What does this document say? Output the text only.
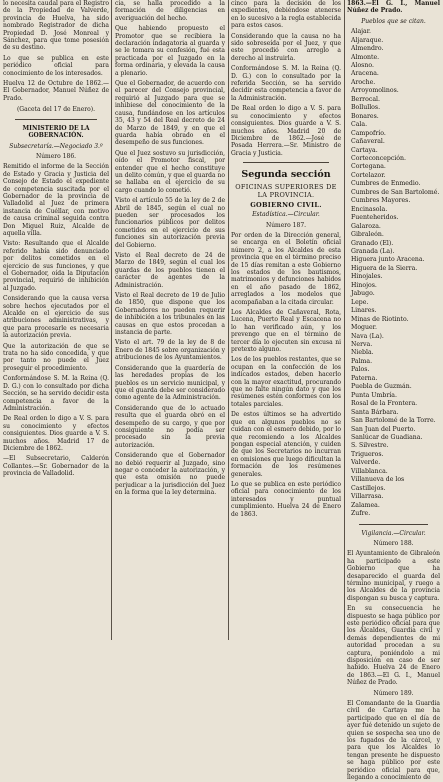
lo necesita caudal para el Registro de la Propiedad de Valverde, provincia de Huelva, ha sido nombrado Registrador de dicha Propiedad D. José Monreal y Sánchez, para que tome posesión de su destino.

Lo que se publica en este periódico oficial para conocimiento de los interesados.

Huelva 12 de Octubre de 1862.—El Gobernador, Manuel Núñez de Prado.

(Gaceta del 17 de Enero).

MINISTERIO DE LA GOBERNACIÓN.

Subsecretaría.—Negociado 3.º

Número 186.

Remitido el informe de la Sección de Estado y Gracia y Justicia del Consejo de Estado el expediente de competencia suscitada por el Gobernador de la provincia de Valladolid al Juez de primera instancia de Cuéllar, con motivo de causa criminal seguida contra Don Miguel Ruiz, Alcalde de aquella villa.

Visto: Resultando que el Alcalde referido había sido denunciado por delitos cometidos en el ejercicio de sus funciones, y que el Gobernador, oída la Diputación provincial, requirió de inhibición al Juzgado.

Considerando que la causa versa sobre hechos ejecutados por el Alcalde en el ejercicio de sus atribuciones administrativas, y que para procesarle es necesaria la autorización previa.

Que la autorización de que se trata no ha sido concedida, y que por tanto no puede el Juez proseguir el procedimiento.

Conformándose S. M. la Reina (Q. D. G.) con lo consultado por dicha Sección, se ha servido decidir esta competencia a favor de la Administración.

De Real orden lo digo a V. S. para su conocimiento y efectos consiguientes. Dios guarde a V. S. muchos años. Madrid 17 de Diciembre de 1862.

—El Subsecretario, Calderón Collantes.—Sr. Gobernador de la provincia de Valladolid.

cia, se halla procedido a la formación de diligencias en averiguación del hecho.

Que habiendo propuesto el Promotor que se recibiera la declaración indagatoria al guarda y se le tomara su confesión, fué esta practicada por el Juzgado en la forma ordinaria, y elevada la causa a plenario.

Que el Gobernador, de acuerdo con el parecer del Consejo provincial, requirió al Juzgado para que se inhibiese del conocimiento de la causa, fundándose en los artículos 35, 43 y 54 del Real decreto de 24 de Marzo de 1849, y en que el guarda había obrado en el desempeño de sus funciones.

Que el Juez sostuvo su jurisdicción, oído el Promotor fiscal, por entender que el hecho constituye un delito común, y que el guarda no se hallaba en el ejercicio de su cargo cuando lo cometió.

Visto el artículo 55 de la ley de 2 de Abril de 1845, según el cual no pueden ser procesados los funcionarios públicos por delitos cometidos en el ejercicio de sus funciones sin autorización previa del Gobierno.

Visto el Real decreto de 24 de Marzo de 1849, según el cual los guardas de los pueblos tienen el carácter de agentes de la Administración.

Visto el Real decreto de 19 de Julio de 1850, que dispone que los Gobernadores no pueden requerir de inhibición a los tribunales en las causas en que estos procedan a instancia de parte.

Visto el art. 79 de la ley de 8 de Enero de 1845 sobre organización y atribuciones de los Ayuntamientos.

Considerando que la guardería de las heredades propias de los pueblos es un servicio municipal, y que el guarda debe ser considerado como agente de la Administración.

Considerando que de lo actuado resulta que el guarda obró en el desempeño de su cargo, y que por consiguiente no podía ser procesado sin la previa autorización.

Considerando que el Gobernador no debió requerir al Juzgado, sino negar o conceder la autorización, y que esta omisión no puede perjudicar a la jurisdicción del Juez en la forma que la ley determina.

cinco para la decisión de los expedientes, debiéndose atenerse en lo sucesivo a la regla establecida para estos casos.

Considerando que la causa no ha sido sobreseída por el Juez, y que este procedió con arreglo a derecho al instruirla.

Conformándose S. M. la Reina (Q. D. G.) con lo consultado por la referida Sección, se ha servido decidir esta competencia a favor de la Administración.

De Real orden lo digo a V. S. para su conocimiento y efectos consiguientes. Dios guarde a V. S. muchos años. Madrid 20 de Diciembre de 1862.—José de Posada Herrera.—Sr. Ministro de Gracia y Justicia.

Segunda sección
OFICINAS SUPERIORES DE LA PROVINCIA.
GOBIERNO CIVIL.

Estadística.—Circular.

Número 187.

Por orden de la Dirección general, se encarga en el Boletín oficial número 2, a los Alcaldes de esta provincia que en el término preciso de 15 días remitan a este Gobierno los estados de los bautismos, matrimonios y defunciones habidos en el año pasado de 1862, arreglados a los modelos que acompañaban a la citada circular.

Los Alcaldes de Cañaveral, Rota, Lucena, Puerto Real y Escacena no lo han verificado aún, y los prevengo que en el término de tercer día lo ejecuten sin excusa ni pretexto alguno.

Los de los pueblos restantes, que se ocupan en la confección de los indicados estados, deben hacerlo con la mayor exactitud, procurando que no falte ningún dato y que los resúmenes estén conformes con los totales parciales.

De estos últimos se ha advertido que en algunos pueblos no se cuidan con el esmero debido, por lo que recomiendo a los Alcaldes pongan especial atención, y cuiden de que los Secretarios no incurran en omisiones que luego dificultan la formación de los resúmenes generales.

Lo que se publica en este periódico oficial para conocimiento de los interesados y puntual cumplimiento. Huelva 24 de Enero de 1863.

1863.—El G. I., Manuel Núñez de Prado.

Pueblos que se citan.

Alajar.
Aljaraque.
Almendro.
Almonte.
Alosno.
Aracena.
Aroche.
Arroyomolinos.
Berrocal.
Bollullos.
Bonares.
Cala.
Campofrío.
Cañaveral.
Cartaya.
Corteconcepción.
Cortegana.
Cortelazor.
Cumbres de Enmedio.
Cumbres de San Bartolomé.
Cumbres Mayores.
Encinasola.
Fuenteheridos.
Galaroza.
Gibraleón.
Granado (El).
Granada (La).
Higuera junto Aracena.
Higuera de la Sierra.
Hinojales.
Hinojos.
Jabugo.
Lepe.
Linares.
Minas de Riotinto.
Moguer.
Nava (La).
Nerva.
Niebla.
Palma.
Palos.
Paterna.
Puebla de Guzmán.
Punta Umbría.
Rosal de la Frontera.
Santa Bárbara.
San Bartolomé de la Torre.
San Juan del Puerto.
Sanlúcar de Guadiana.
S. Silvestre.
Trigueros.
Valverde.
Villablanca.
Villanueva de los Castillejos.
Villarrasa.
Zalamea.
Zufre.

Vigilancia.—Circular.

Número 188.

El Ayuntamiento de Gibraleón ha participado a este Gobierno que ha desaparecido el guarda del término municipal, y ruego a los Alcaldes de la provincia dispongan su busca y captura.

En su consecuencia he dispuesto se haga público por este periódico oficial para que los Alcaldes, Guardia civil y demás dependientes de mi autoridad procedan a su captura, poniéndolo a mi disposición en caso de ser habido. Huelva 24 de Enero de 1863.—El G. I., Manuel Núñez de Prado.

Número 189.

El Comandante de la Guardia civil de Cartaya me ha participado que en el día de ayer fué detenido un sujeto de quien se sospecha sea uno de los fugados de la cárcel, y para que los Alcaldes lo tengan presente he dispuesto se haga público por este periódico oficial para que, llegando a conocimiento de
